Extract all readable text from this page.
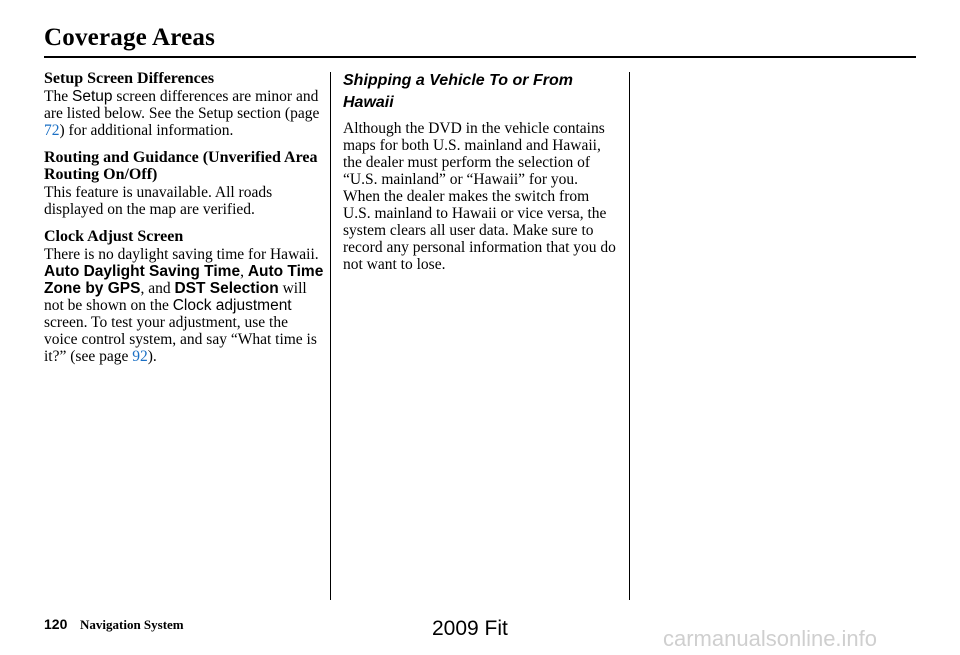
Coverage Areas
Setup Screen Differences

The Setup screen differences are minor and are listed below. See the Setup section (page 72) for additional information.

Routing and Guidance (Unverified Area Routing On/Off)

This feature is unavailable. All roads displayed on the map are verified.

Clock Adjust Screen

There is no daylight saving time for Hawaii. Auto Daylight Saving Time, Auto Time Zone by GPS, and DST Selection will not be shown on the Clock adjustment screen. To test your adjustment, use the voice control system, and say “What time is it?” (see page 92).

Shipping a Vehicle To or From Hawaii

Although the DVD in the vehicle contains maps for both U.S. mainland and Hawaii, the dealer must perform the selection of “U.S. mainland” or “Hawaii” for you. When the dealer makes the switch from U.S. mainland to Hawaii or vice versa, the system clears all user data. Make sure to record any personal information that you do not want to lose.

120 Navigation System	2009 Fit	carmanualsonline.info
